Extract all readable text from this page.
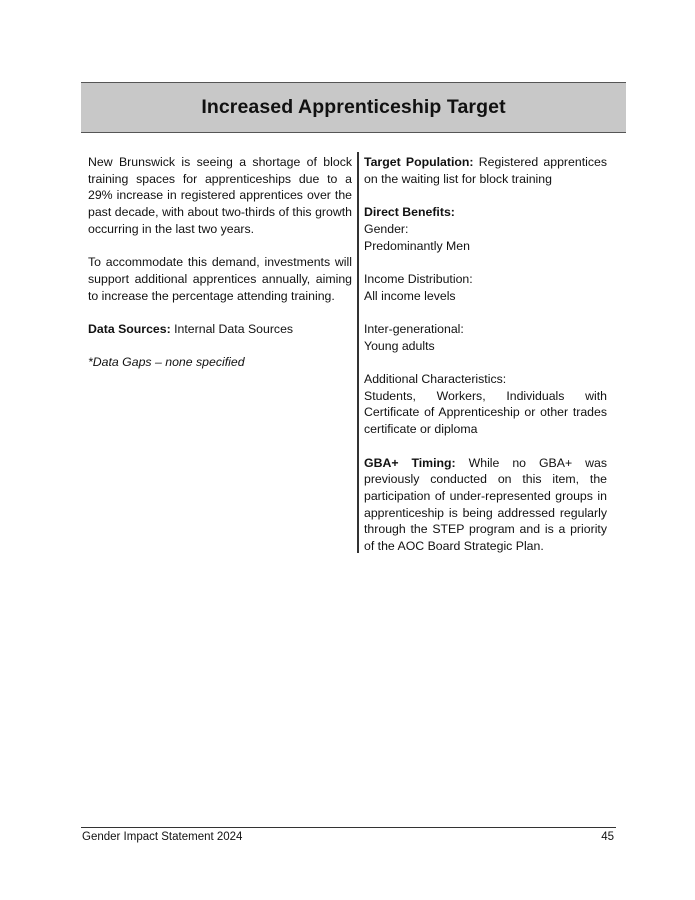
Increased Apprenticeship Target

New Brunswick is seeing a shortage of block training spaces for apprenticeships due to a 29% increase in registered apprentices over the past decade, with about two-thirds of this growth occurring in the last two years.

To accommodate this demand, investments will support additional apprentices annually, aiming to increase the percentage attending training.

Data Sources: Internal Data Sources

*Data Gaps – none specified

Target Population: Registered apprentices on the waiting list for block training

Direct Benefits:
Gender:
Predominantly Men

Income Distribution:
All income levels

Inter-generational:
Young adults

Additional Characteristics:
Students, Workers, Individuals with Certificate of Apprenticeship or other trades certificate or diploma

GBA+ Timing: While no GBA+ was previously conducted on this item, the participation of under-represented groups in apprenticeship is being addressed regularly through the STEP program and is a priority of the AOC Board Strategic Plan.

Gender Impact Statement 2024	45
